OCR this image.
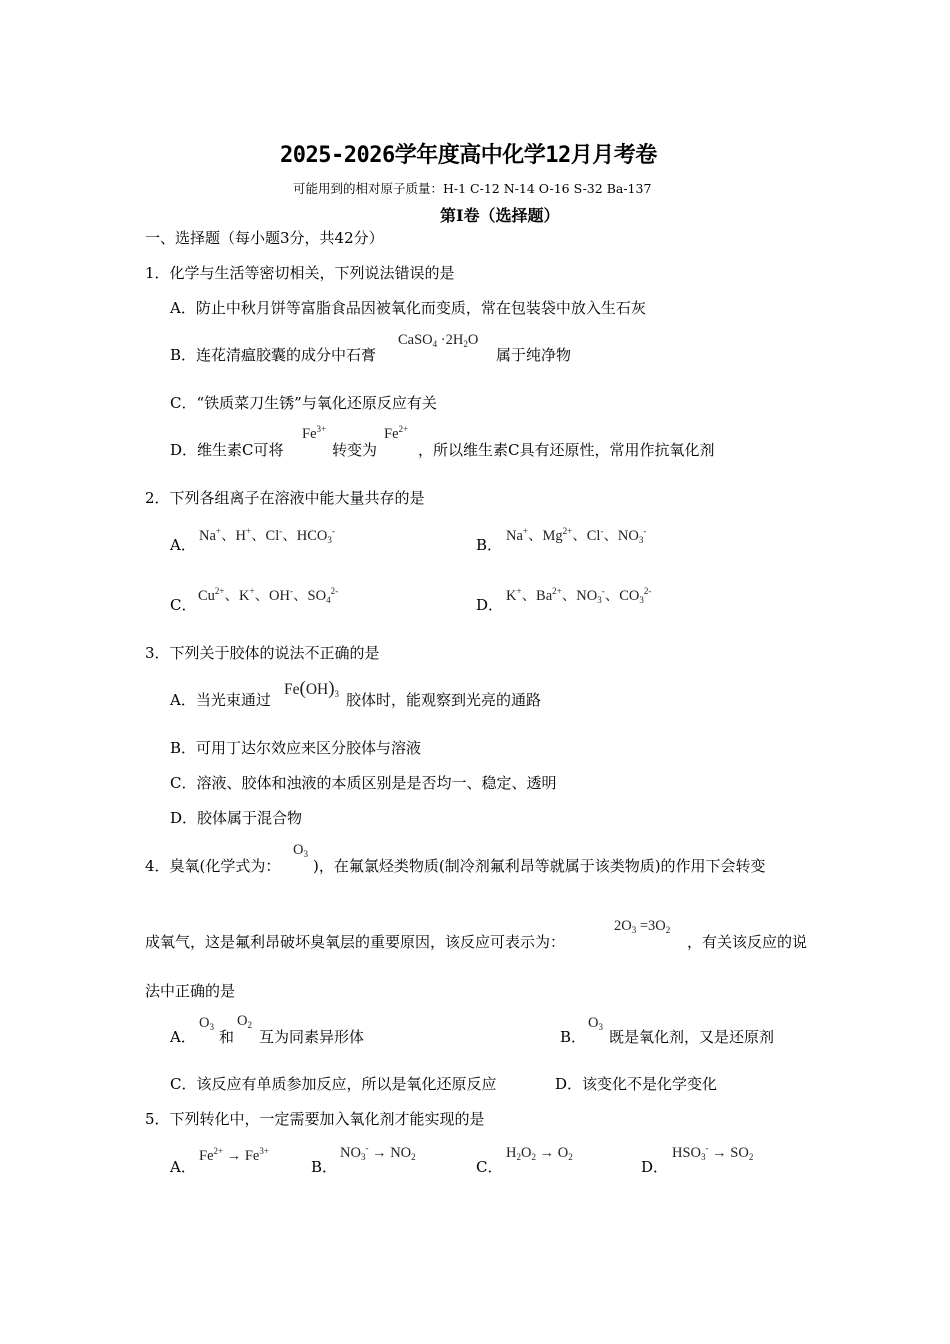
2025-2026学年度高中化学12月月考卷
可能用到的相对原子质量：H-1 C-12 N-14 O-16 S-32 Ba-137
第Ⅰ卷（选择题）
一、选择题（每小题3分，共42分）
1．化学与生活等密切相关，下列说法错误的是
A．防止中秋月饼等富脂食品因被氧化而变质，常在包装袋中放入生石灰
B．连花清瘟胶囊的成分中石膏
CaSO$_4$ $\cdot 2H_2O$
属于纯净物
C．“铁质菜刀生锈”与氧化还原反应有关
D．维生素C可将
$Fe^{3+}$
转变为
$Fe^{2+}$
，所以维生素C具有还原性，常用作抗氧化剂
2．下列各组离子在溶液中能大量共存的是
A． Na+、H+、Cl-、$HCO_3^-$
B． Na+、$Mg^{2+}$、Cl-、$NO_3^-$
C． $Cu^{2+}$、K+、OH-、$SO_4^{2-}$
D． K+、$Ba^{2+}$、$NO_3^-$、$CO_3^{2-}$
3．下列关于胶体的说法不正确的是
A．当光束通过
$Fe(OH)_3$ 胶体时，能观察到光亮的通路
B．可用丁达尔效应来区分胶体与溶液
C．溶液、胶体和浊液的本质区别是是否均一、稳定、透明
D．胶体属于混合物
4．臭氧(化学式为：
$O_3$
)，在氟氯烃类物质(制冷剂氟利昂等就属于该类物质)的作用下会转变
成氧气，这是氟利昂破坏臭氧层的重要原因，该反应可表示为：
$2O_3 =3O_2$
，有关该反应的说
法中正确的是
A．
$O_3$
和
$O_2$
互为同素异形体	B．
$O_3$
既是氧化剂，又是还原剂
C．该反应有单质参加反应，所以是氧化还原反应	D．该变化不是化学变化
5．下列转化中，一定需要加入氧化剂才能实现的是
A．
$Fe^{2+} \to Fe^{3+}$
B．
$NO_3^- \to NO_2$
C．
$H_2O_2 \to O_2$
D．
$HSO_3^- \to SO_2$
